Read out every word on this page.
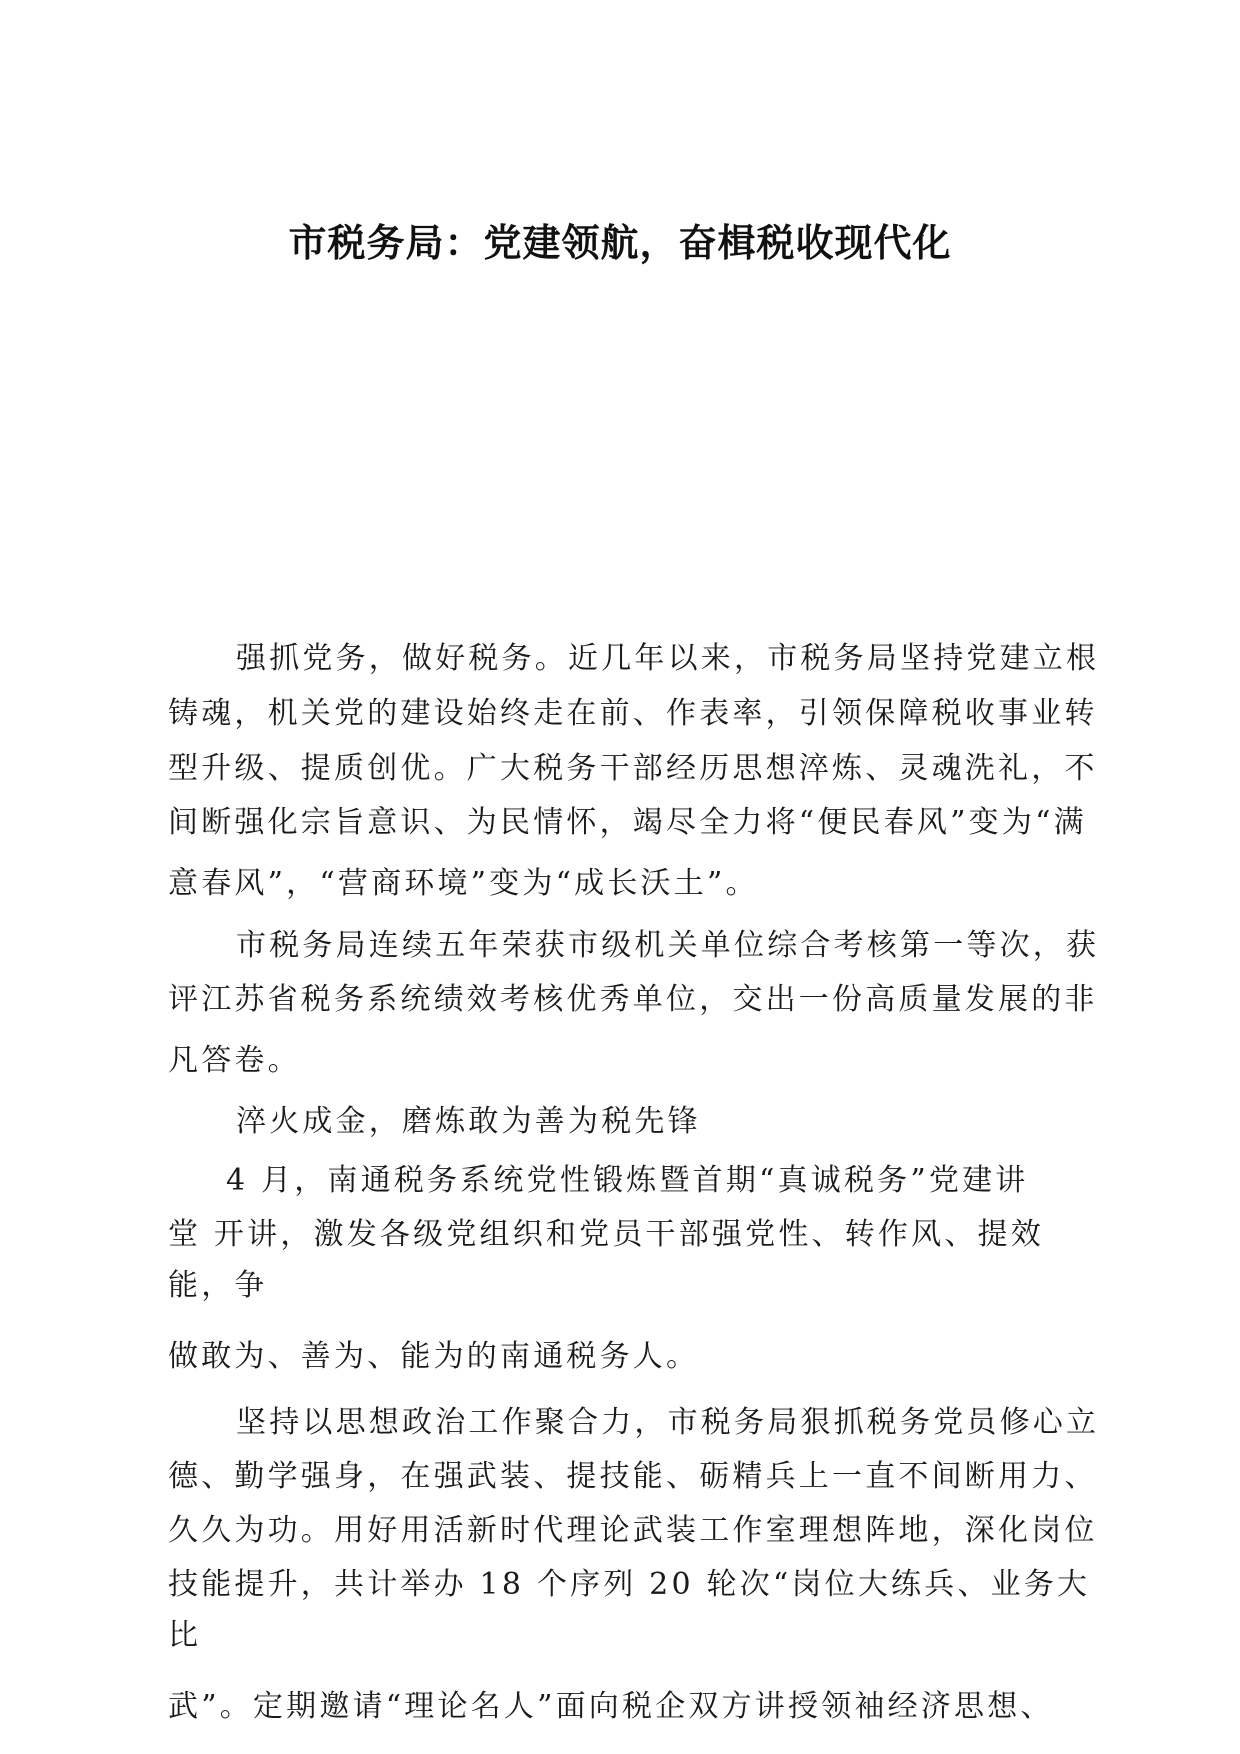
市税务局：党建领航，奋楫税收现代化
强抓党务，做好税务。近几年以来，市税务局坚持党建立根
铸魂，机关党的建设始终走在前、作表率，引领保障税收事业转
型升级、提质创优。广大税务干部经历思想淬炼、灵魂洗礼，不
间断强化宗旨意识、为民情怀，竭尽全力将“便民春风”变为“满
意春风”，“营商环境”变为“成长沃土”。
市税务局连续五年荣获市级机关单位综合考核第一等次，获
评江苏省税务系统绩效考核优秀单位，交出一份高质量发展的非
凡答卷。
淬火成金，磨炼敢为善为税先锋
4 月，南通税务系统党性锻炼暨首期“真诚税务”党建讲
堂 开讲，激发各级党组织和党员干部强党性、转作风、提效
能，争
做敢为、善为、能为的南通税务人。
坚持以思想政治工作聚合力，市税务局狠抓税务党员修心立
德、勤学强身，在强武装、提技能、砺精兵上一直不间断用力、
久久为功。用好用活新时代理论武装工作室理想阵地，深化岗位
技能提升，共计举办 18 个序列 20 轮次“岗位大练兵、业务大
比
武”。定期邀请“理论名人”面向税企双方讲授领袖经济思想、
